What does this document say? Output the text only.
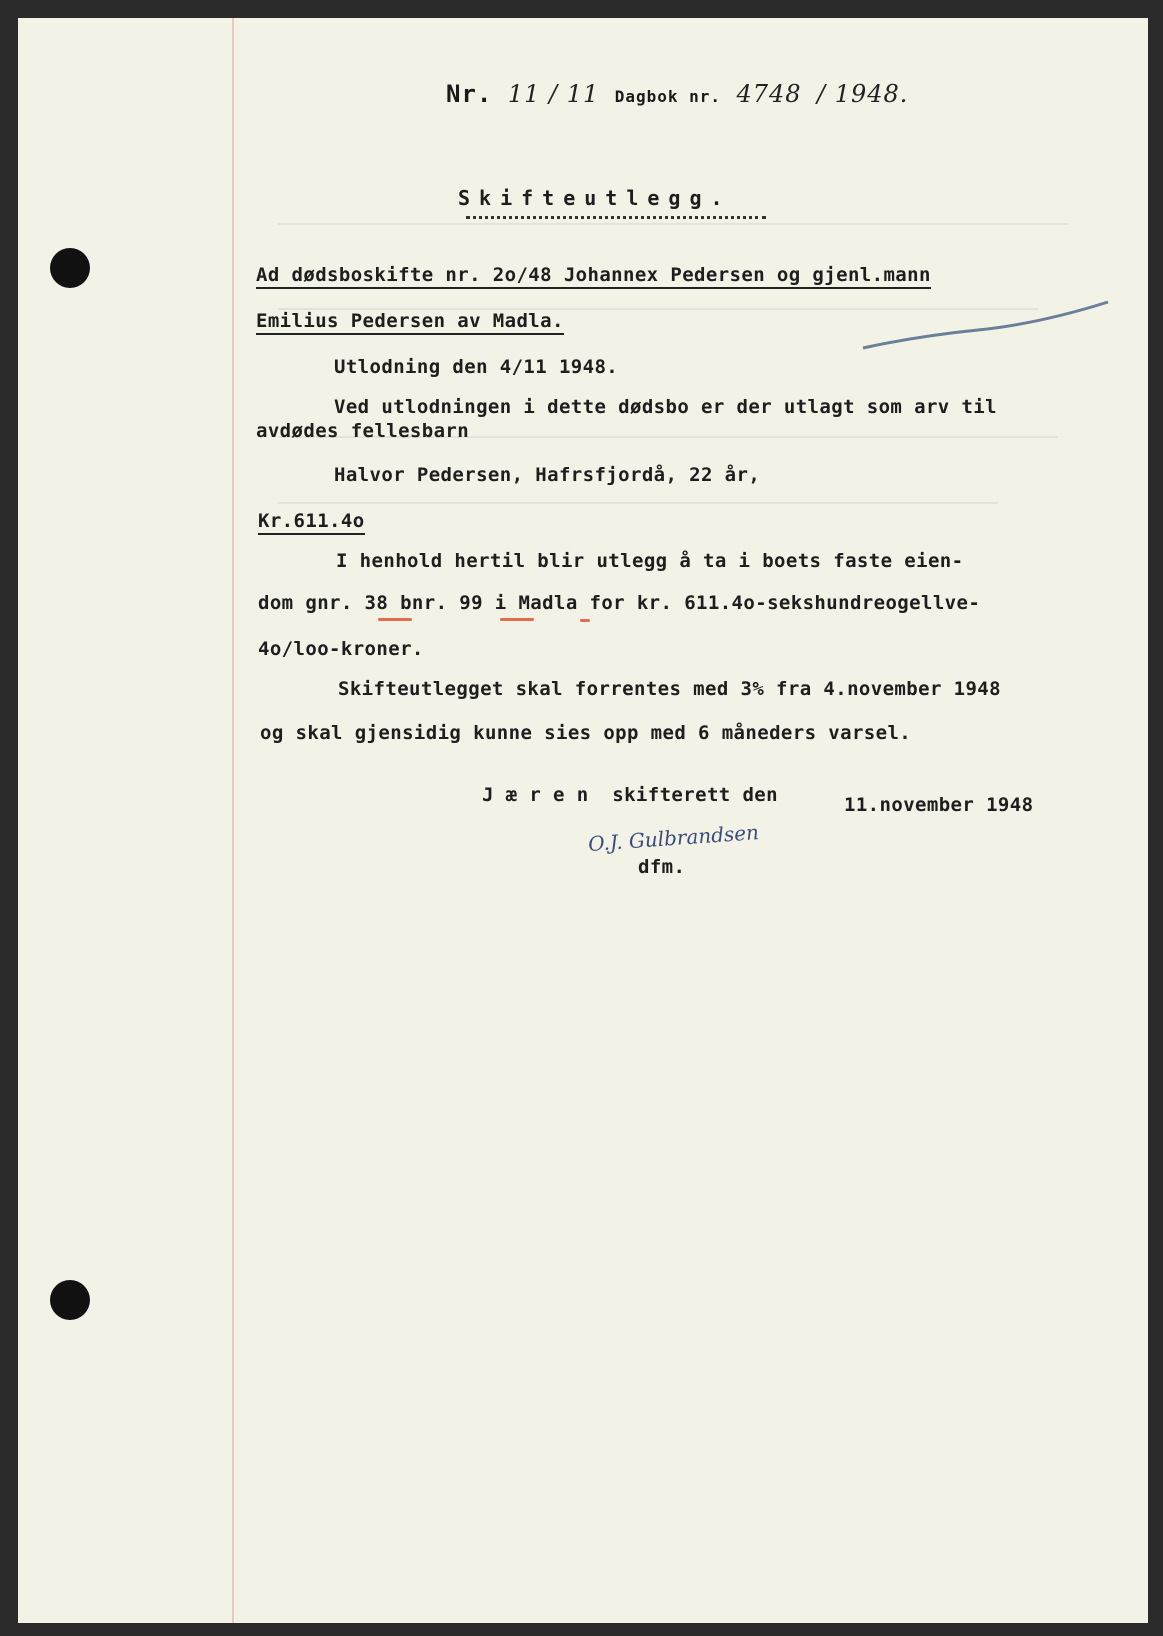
Nr. 11 / 11 Dagbok nr. 4748 / 1948.
Skifteutlegg.
Ad dødsboskifte nr. 2o/48 Johannex Pedersen og gjenl.mann
Emilius Pedersen av Madla.
Utlodning den 4/11 1948.
Ved utlodningen i dette dødsbo er der utlagt som arv til
avdødes fellesbarn
Halvor Pedersen, Hafrsfjordå, 22 år,
Kr.611.4o
I henhold hertil blir utlegg å ta i boets faste eien-
dom gnr. 38 bnr. 99 i Madla for kr. 611.4o-sekshundreogellve-
4o/loo-kroner.
Skifteutlegget skal forrentes med 3% fra 4.november 1948
og skal gjensidig kunne sies opp med 6 måneders varsel.
J æ r e n  skifterett den	11.november 1948
O.J. Gulbrandsen
dfm.
